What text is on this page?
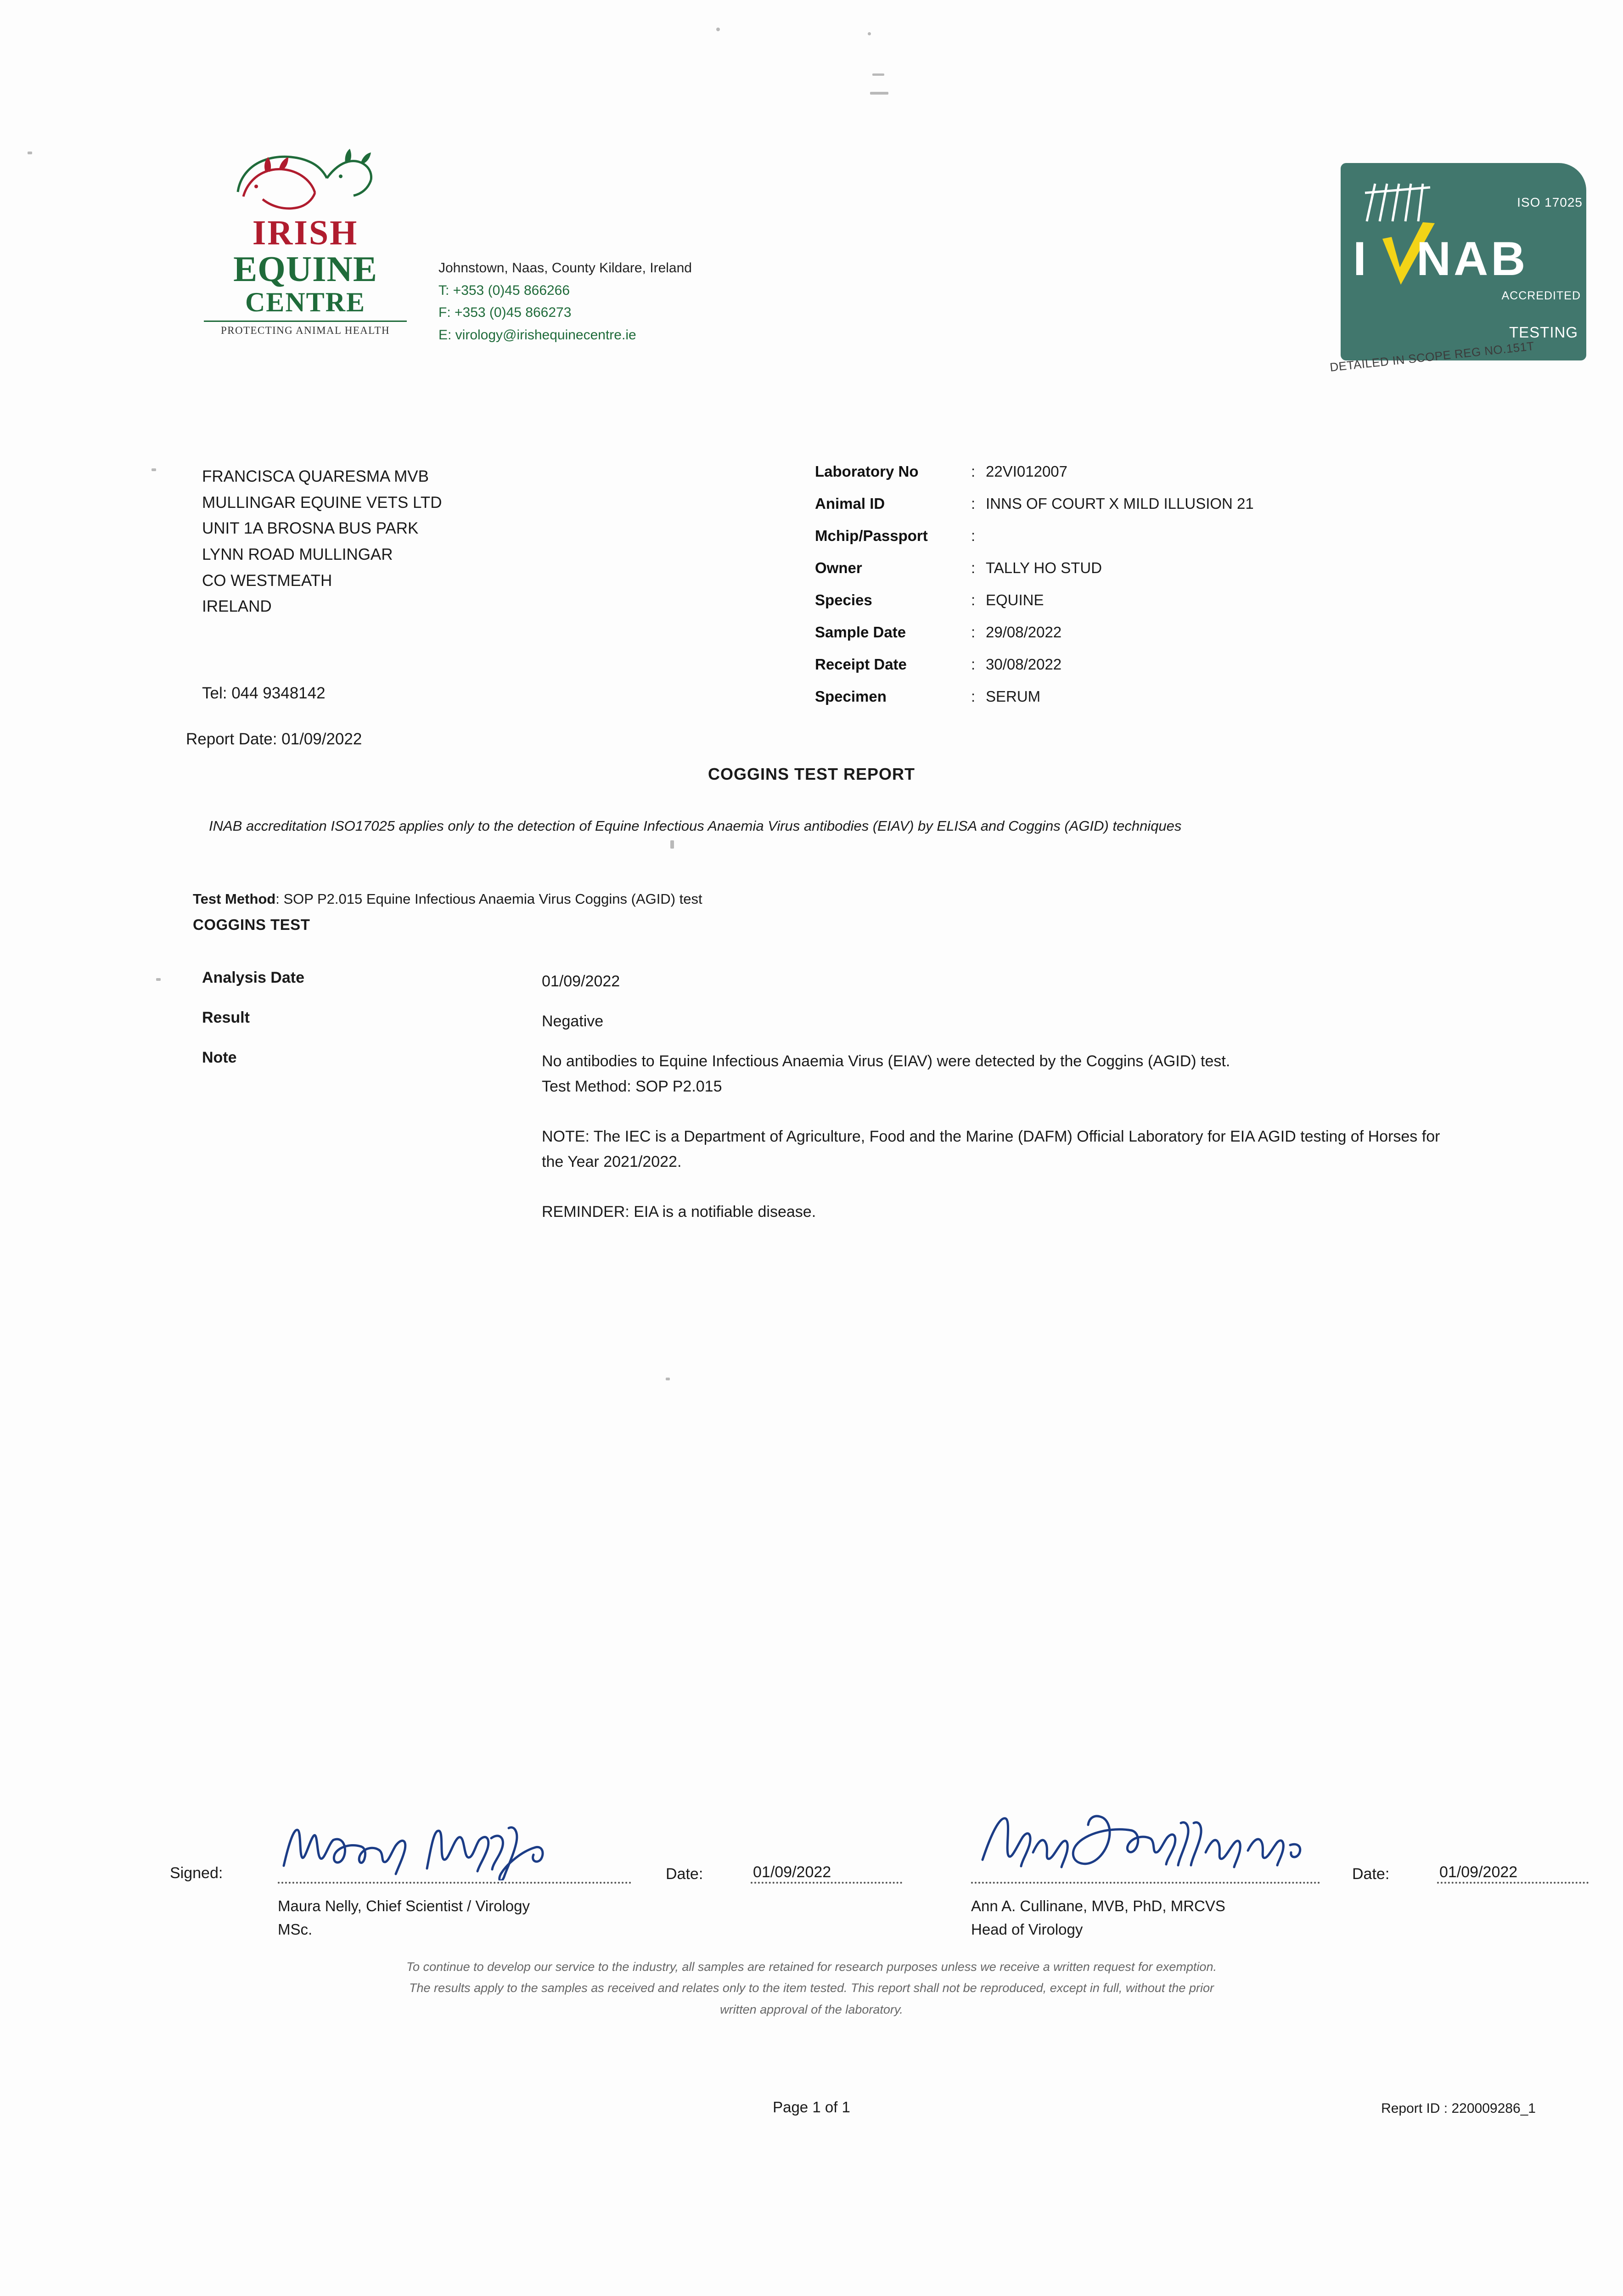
IRISH
EQUINE
CENTRE
PROTECTING ANIMAL HEALTH
Johnstown, Naas, County Kildare, Ireland
T: +353 (0)45 866266
F: +353 (0)45 866273
E: virology@irishequinecentre.ie
I NAB
ISO 17025
ACCREDITED
TESTING
DETAILED IN SCOPE REG NO.151T
FRANCISCA QUARESMA MVB
MULLINGAR EQUINE VETS LTD
UNIT 1A BROSNA BUS PARK
LYNN ROAD MULLINGAR
CO WESTMEATH
IRELAND
Tel: 044 9348142
Report Date: 01/09/2022
Laboratory No	: 22VI012007
Animal ID	: INNS OF COURT X MILD ILLUSION 21
Mchip/Passport	:
Owner	: TALLY HO STUD
Species	: EQUINE
Sample Date	: 29/08/2022
Receipt Date	: 30/08/2022
Specimen	: SERUM
COGGINS TEST REPORT
INAB accreditation ISO17025 applies only to the detection of Equine Infectious Anaemia Virus antibodies (EIAV) by ELISA and Coggins (AGID) techniques
Test Method: SOP P2.015 Equine Infectious Anaemia Virus Coggins (AGID) test
COGGINS TEST
Analysis Date	01/09/2022
Result	Negative
Note	No antibodies to Equine Infectious Anaemia Virus (EIAV) were detected by the Coggins (AGID) test.

Test Method: SOP P2.015

NOTE: The IEC is a Department of Agriculture, Food and the Marine (DAFM) Official Laboratory for EIA AGID testing of Horses for the Year 2021/2022.

REMINDER: EIA is a notifiable disease.

Signed:	Date:	01/09/2022
Maura Nelly, Chief Scientist / Virology
MSc.
Date:	01/09/2022
Ann A. Cullinane, MVB, PhD, MRCVS
Head of Virology
To continue to develop our service to the industry, all samples are retained for research purposes unless we receive a written request for exemption.
The results apply to the samples as received and relates only to the item tested. This report shall not be reproduced, except in full, without the prior
written approval of the laboratory.
Page 1 of 1	Report ID : 220009286_1
